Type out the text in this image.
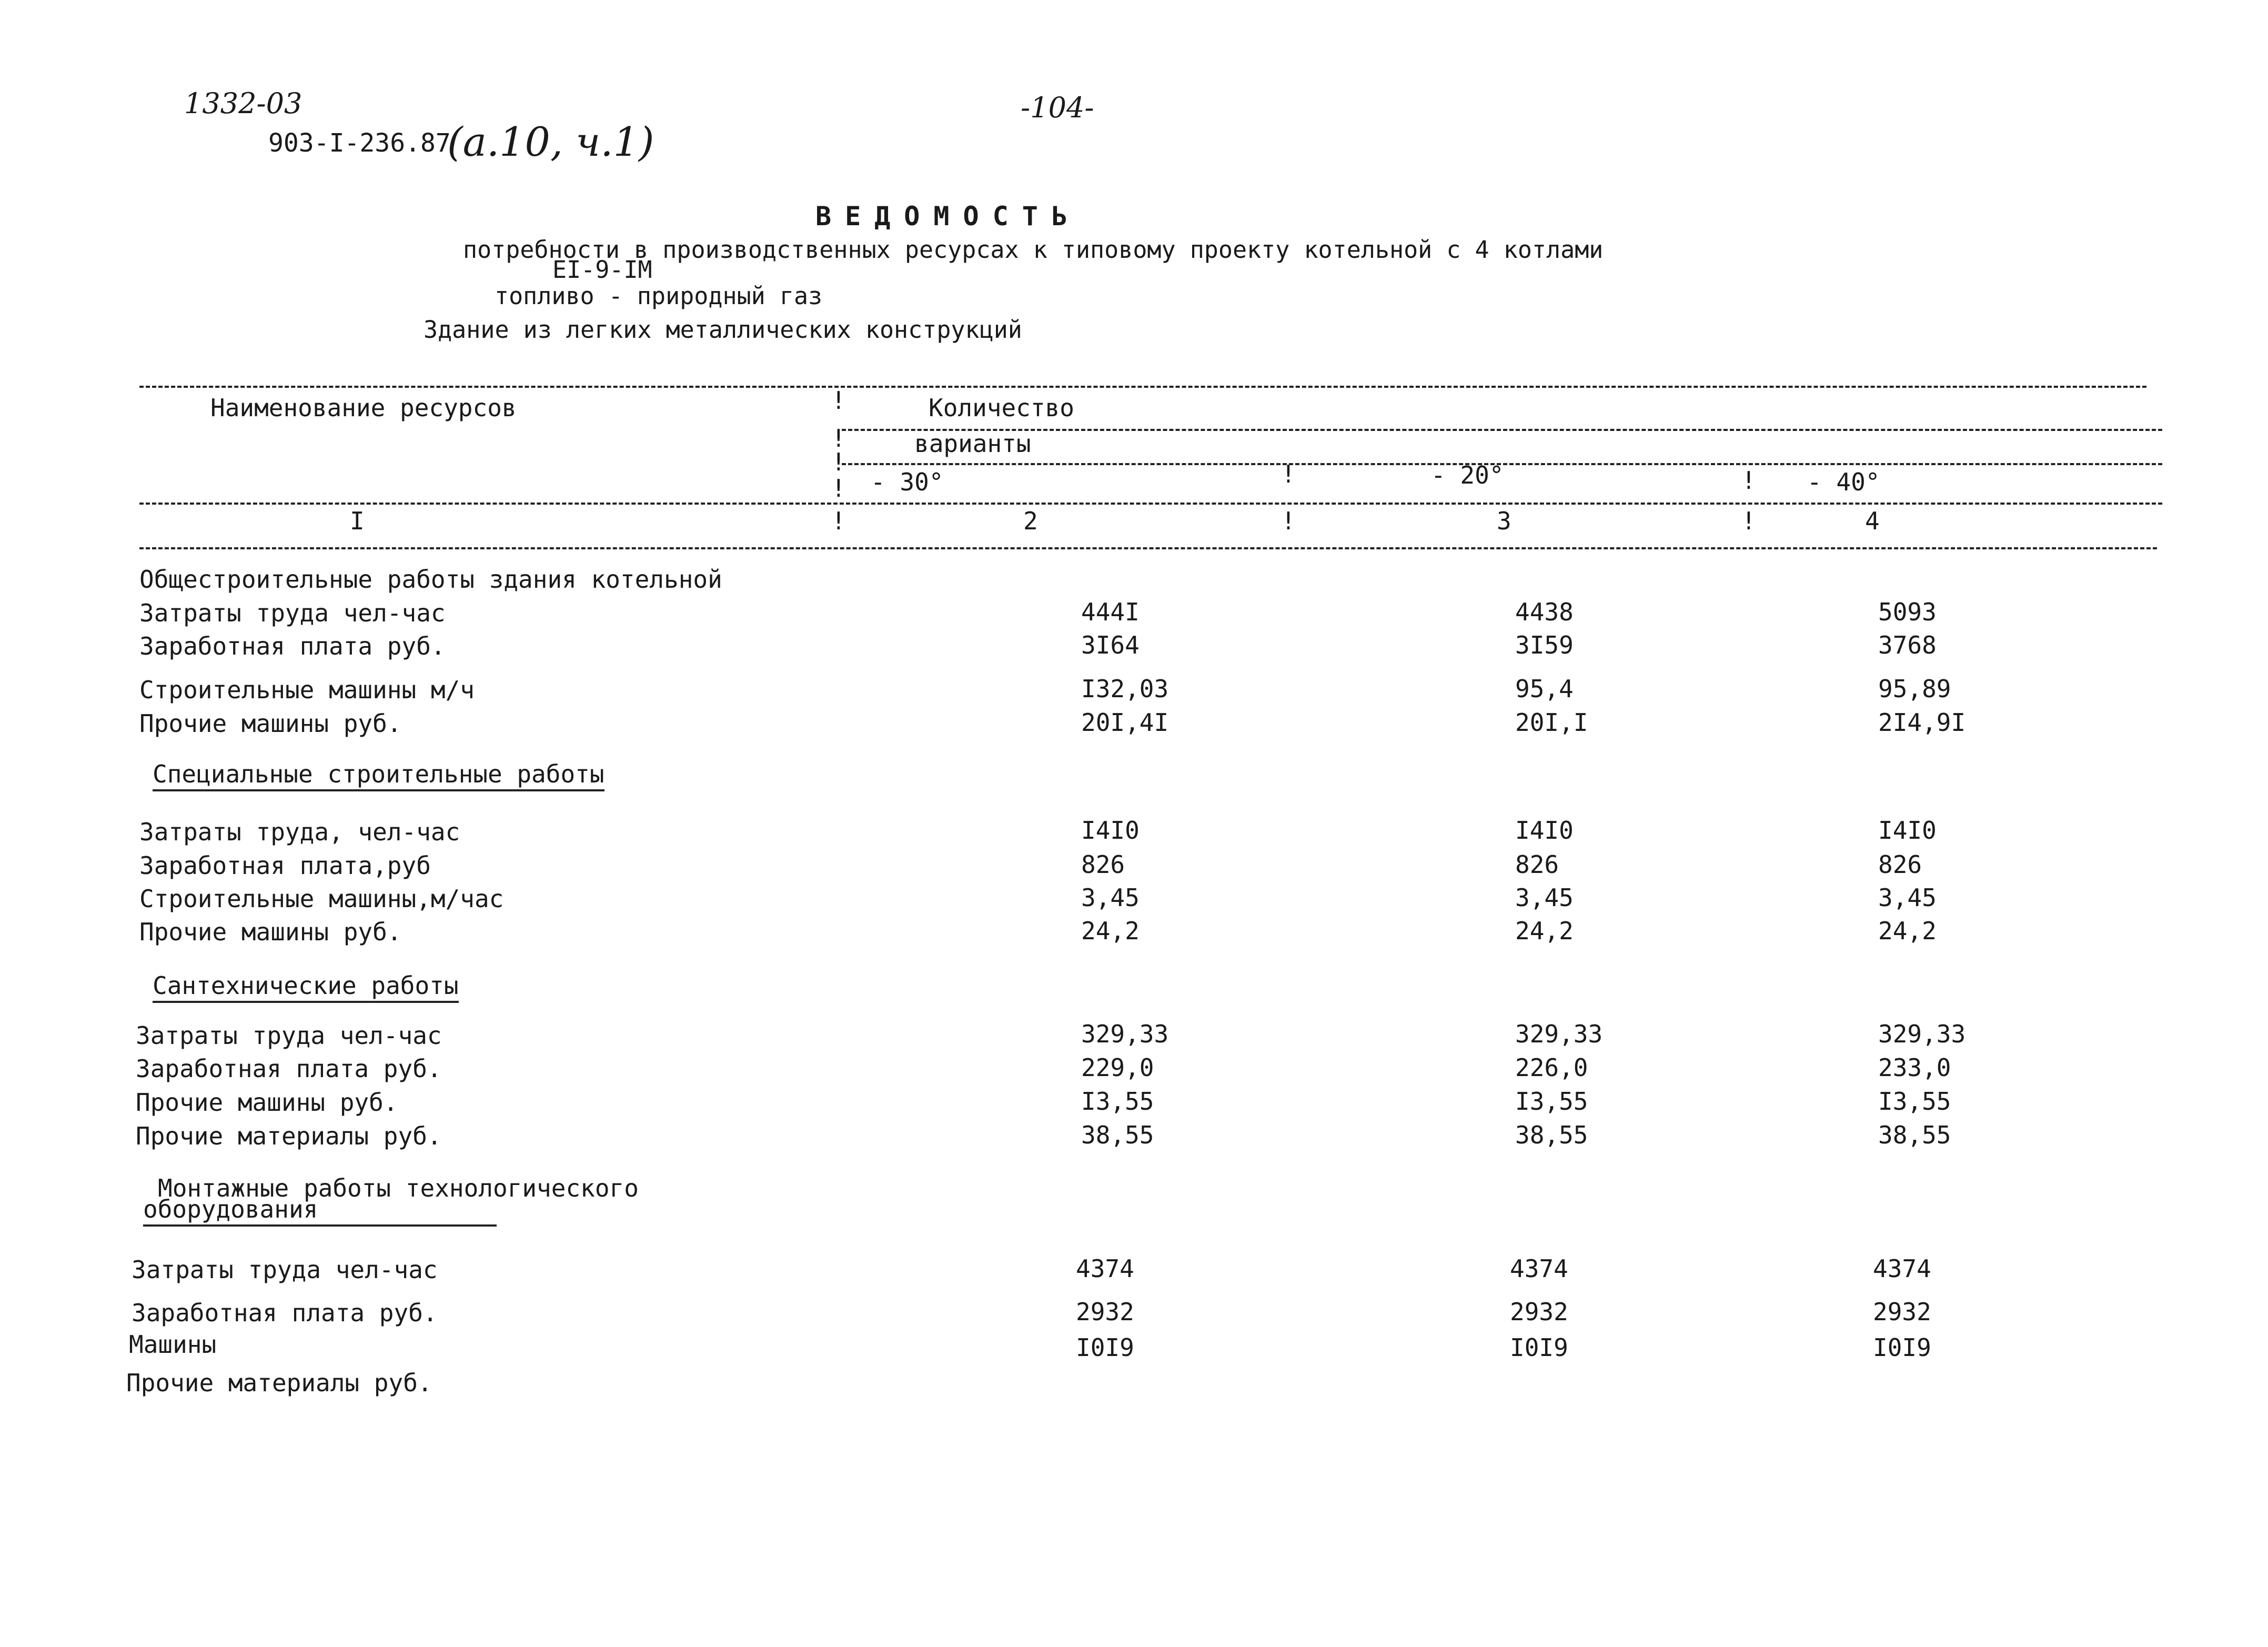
1332-03
903-I-236.87
(a.10, ч.1)
-104-
ВЕДОМОСТЬ
потребности в производственных ресурсах к типовому проекту котельной с 4 котлами
ЕI-9-IМ
топливо - природный газ
Здание из легких металлических конструкций
!
!
!
!	!	!
!	!	!
Наименование ресурсов	Количество
варианты
- 30°	- 20°	- 40°
I	2	3	4
Общестроительные работы здания котельной
Затраты труда чел-час	444I	4438	5093
Заработная плата руб.	3I64	3I59	3768
Строительные машины м/ч	I32,03	95,4	95,89
Прочие машины руб.	20I,4I	20I,I	2I4,9I
Специальные строительные работы
Затраты труда, чел-час	I4I0	I4I0	I4I0
Заработная плата,руб	826	826	826
Строительные машины,м/час	3,45	3,45	3,45
Прочие машины руб.	24,2	24,2	24,2
Сантехнические работы
Затраты труда чел-час	329,33	329,33	329,33
Заработная плата руб.	229,0	226,0	233,0
Прочие машины руб.	I3,55	I3,55	I3,55
Прочие материалы руб.	38,55	38,55	38,55
Монтажные работы технологического
оборудования
Затраты труда чел-час	4374	4374	4374
Заработная плата руб.	2932	2932	2932
Машины	I0I9	I0I9	I0I9
Прочие материалы руб.
